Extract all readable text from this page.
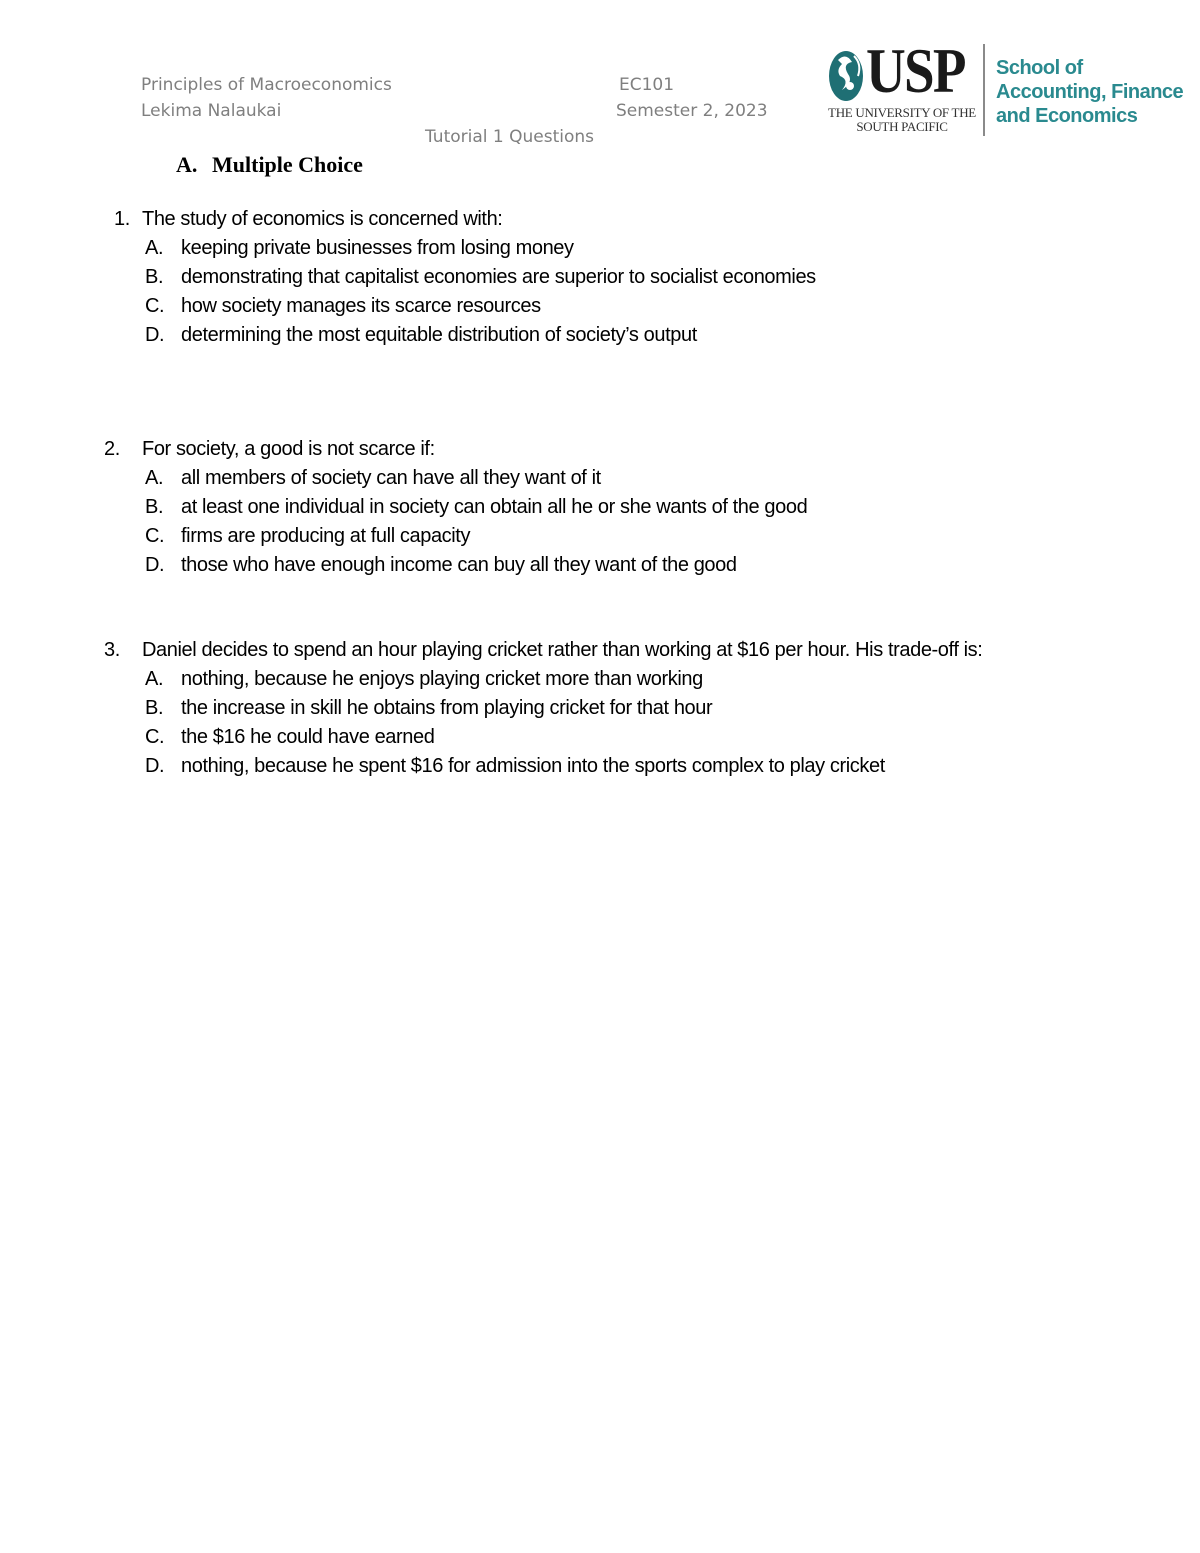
Principles of Macroeconomics
Lekima Nalaukai
EC101
Semester 2, 2023
Tutorial 1 Questions
USP
THE UNIVERSITY OF THE
SOUTH PACIFIC
School of
Accounting, Finance
and Economics
A. Multiple Choice
1. The study of economics is concerned with:
A. keeping private businesses from losing money
B. demonstrating that capitalist economies are superior to socialist economies
C. how society manages its scarce resources
D. determining the most equitable distribution of society’s output
2. For society, a good is not scarce if:
A. all members of society can have all they want of it
B. at least one individual in society can obtain all he or she wants of the good
C. firms are producing at full capacity
D. those who have enough income can buy all they want of the good
3. Daniel decides to spend an hour playing cricket rather than working at $16 per hour. His trade-off is:
A. nothing, because he enjoys playing cricket more than working
B. the increase in skill he obtains from playing cricket for that hour
C. the $16 he could have earned
D. nothing, because he spent $16 for admission into the sports complex to play cricket
